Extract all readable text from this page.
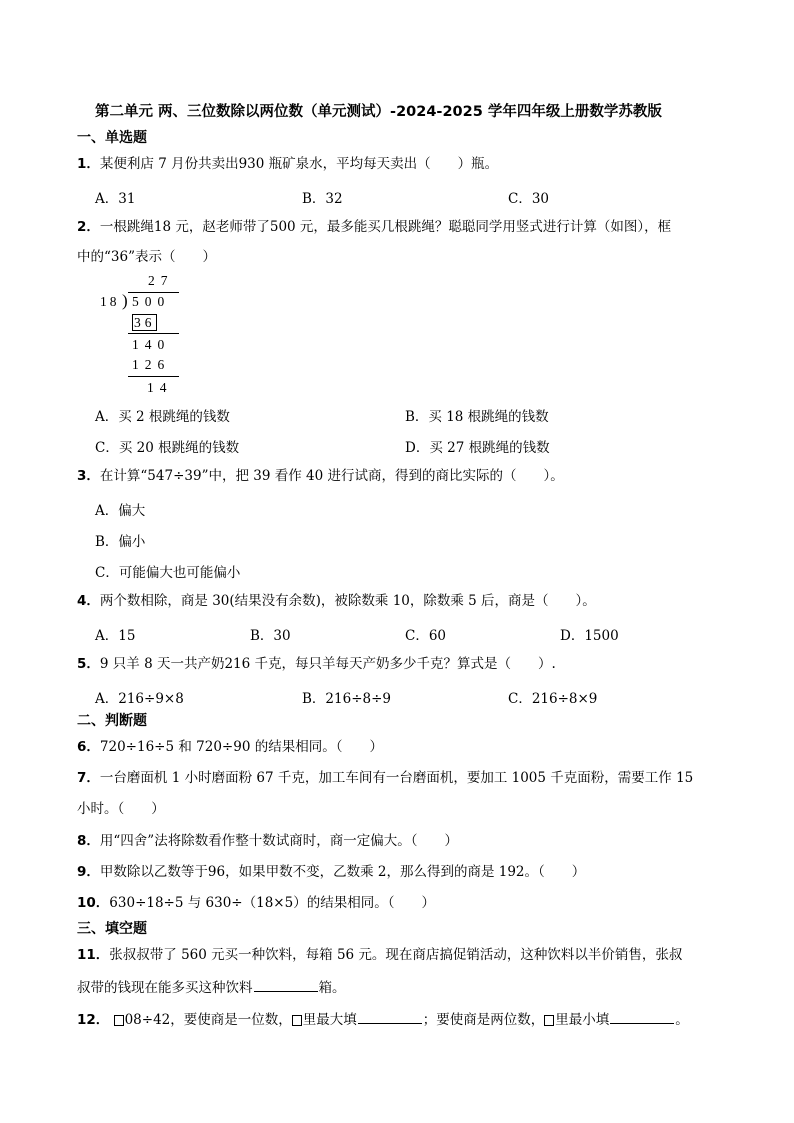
第二单元 两、三位数除以两位数（单元测试）-2024-2025 学年四年级上册数学苏教版
一、单选题
1．某便利店 7 月份共卖出930 瓶矿泉水，平均每天卖出（　　）瓶。
A．31	B．32	C．30
2．一根跳绳18 元，赵老师带了500 元，最多能买几根跳绳？聪聪同学用竖式进行计算（如图），框
中的“36”表示（　　）
27
18 ) 500
36
140
126
14
A．买 2 根跳绳的钱数	B．买 18 根跳绳的钱数
C．买 20 根跳绳的钱数	D．买 27 根跳绳的钱数
3．在计算“547÷39”中，把 39 看作 40 进行试商，得到的商比实际的（　　）。
A．偏大
B．偏小
C．可能偏大也可能偏小
4．两个数相除，商是 30(结果没有余数)，被除数乘 10，除数乘 5 后，商是（　　）。
A．15	B．30	C．60	D．1500
5．9 只羊 8 天一共产奶216 千克，每只羊每天产奶多少千克？算式是（　　）.
A．216÷9×8	B．216÷8÷9	C．216÷8×9
二、判断题
6．720÷16÷5 和 720÷90 的结果相同。（　　）
7．一台磨面机 1 小时磨面粉 67 千克，加工车间有一台磨面机，要加工 1005 千克面粉，需要工作 15
小时。（　　）
8．用“四舍”法将除数看作整十数试商时，商一定偏大。（　　）
9．甲数除以乙数等于96，如果甲数不变，乙数乘 2，那么得到的商是 192。（　　）
10．630÷18÷5 与 630÷（18×5）的结果相同。（　　）
三、填空题
11．张叔叔带了 560 元买一种饮料，每箱 56 元。现在商店搞促销活动，这种饮料以半价销售，张叔
叔带的钱现在能多买这种饮料	箱。
12． 08÷42，要使商是一位数， 里最大填	；要使商是两位数， 里最小填	。
